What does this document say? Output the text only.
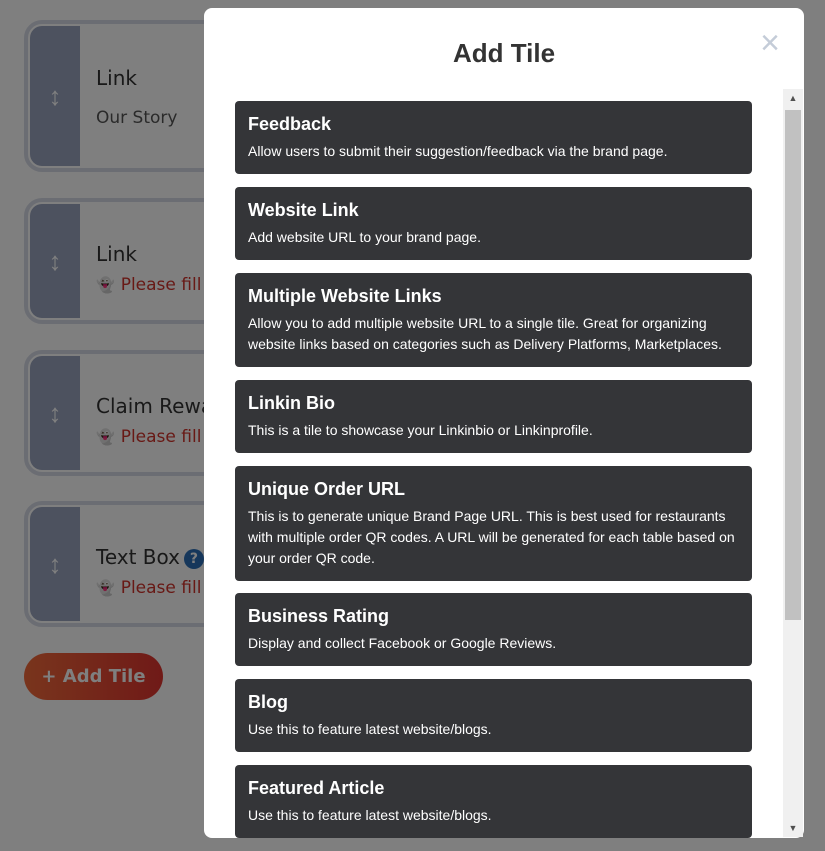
Add Tile	×
Feedback
Allow users to submit their suggestion/feedback via the brand page.
Website Link
Add website URL to your brand page.
Multiple Website Links
Allow you to add multiple website URL to a single tile. Great for organizing website links based on categories such as Delivery Platforms, Marketplaces.
Linkin Bio
This is a tile to showcase your Linkinbio or Linkinprofile.
Unique Order URL
This is to generate unique Brand Page URL. This is best used for restaurants with multiple order QR codes. A URL will be generated for each table based on your order QR code.
Business Rating
Display and collect Facebook or Google Reviews.
Blog
Use this to feature latest website/blogs.
Featured Article
Use this to feature latest website/blogs.
▲
▼
